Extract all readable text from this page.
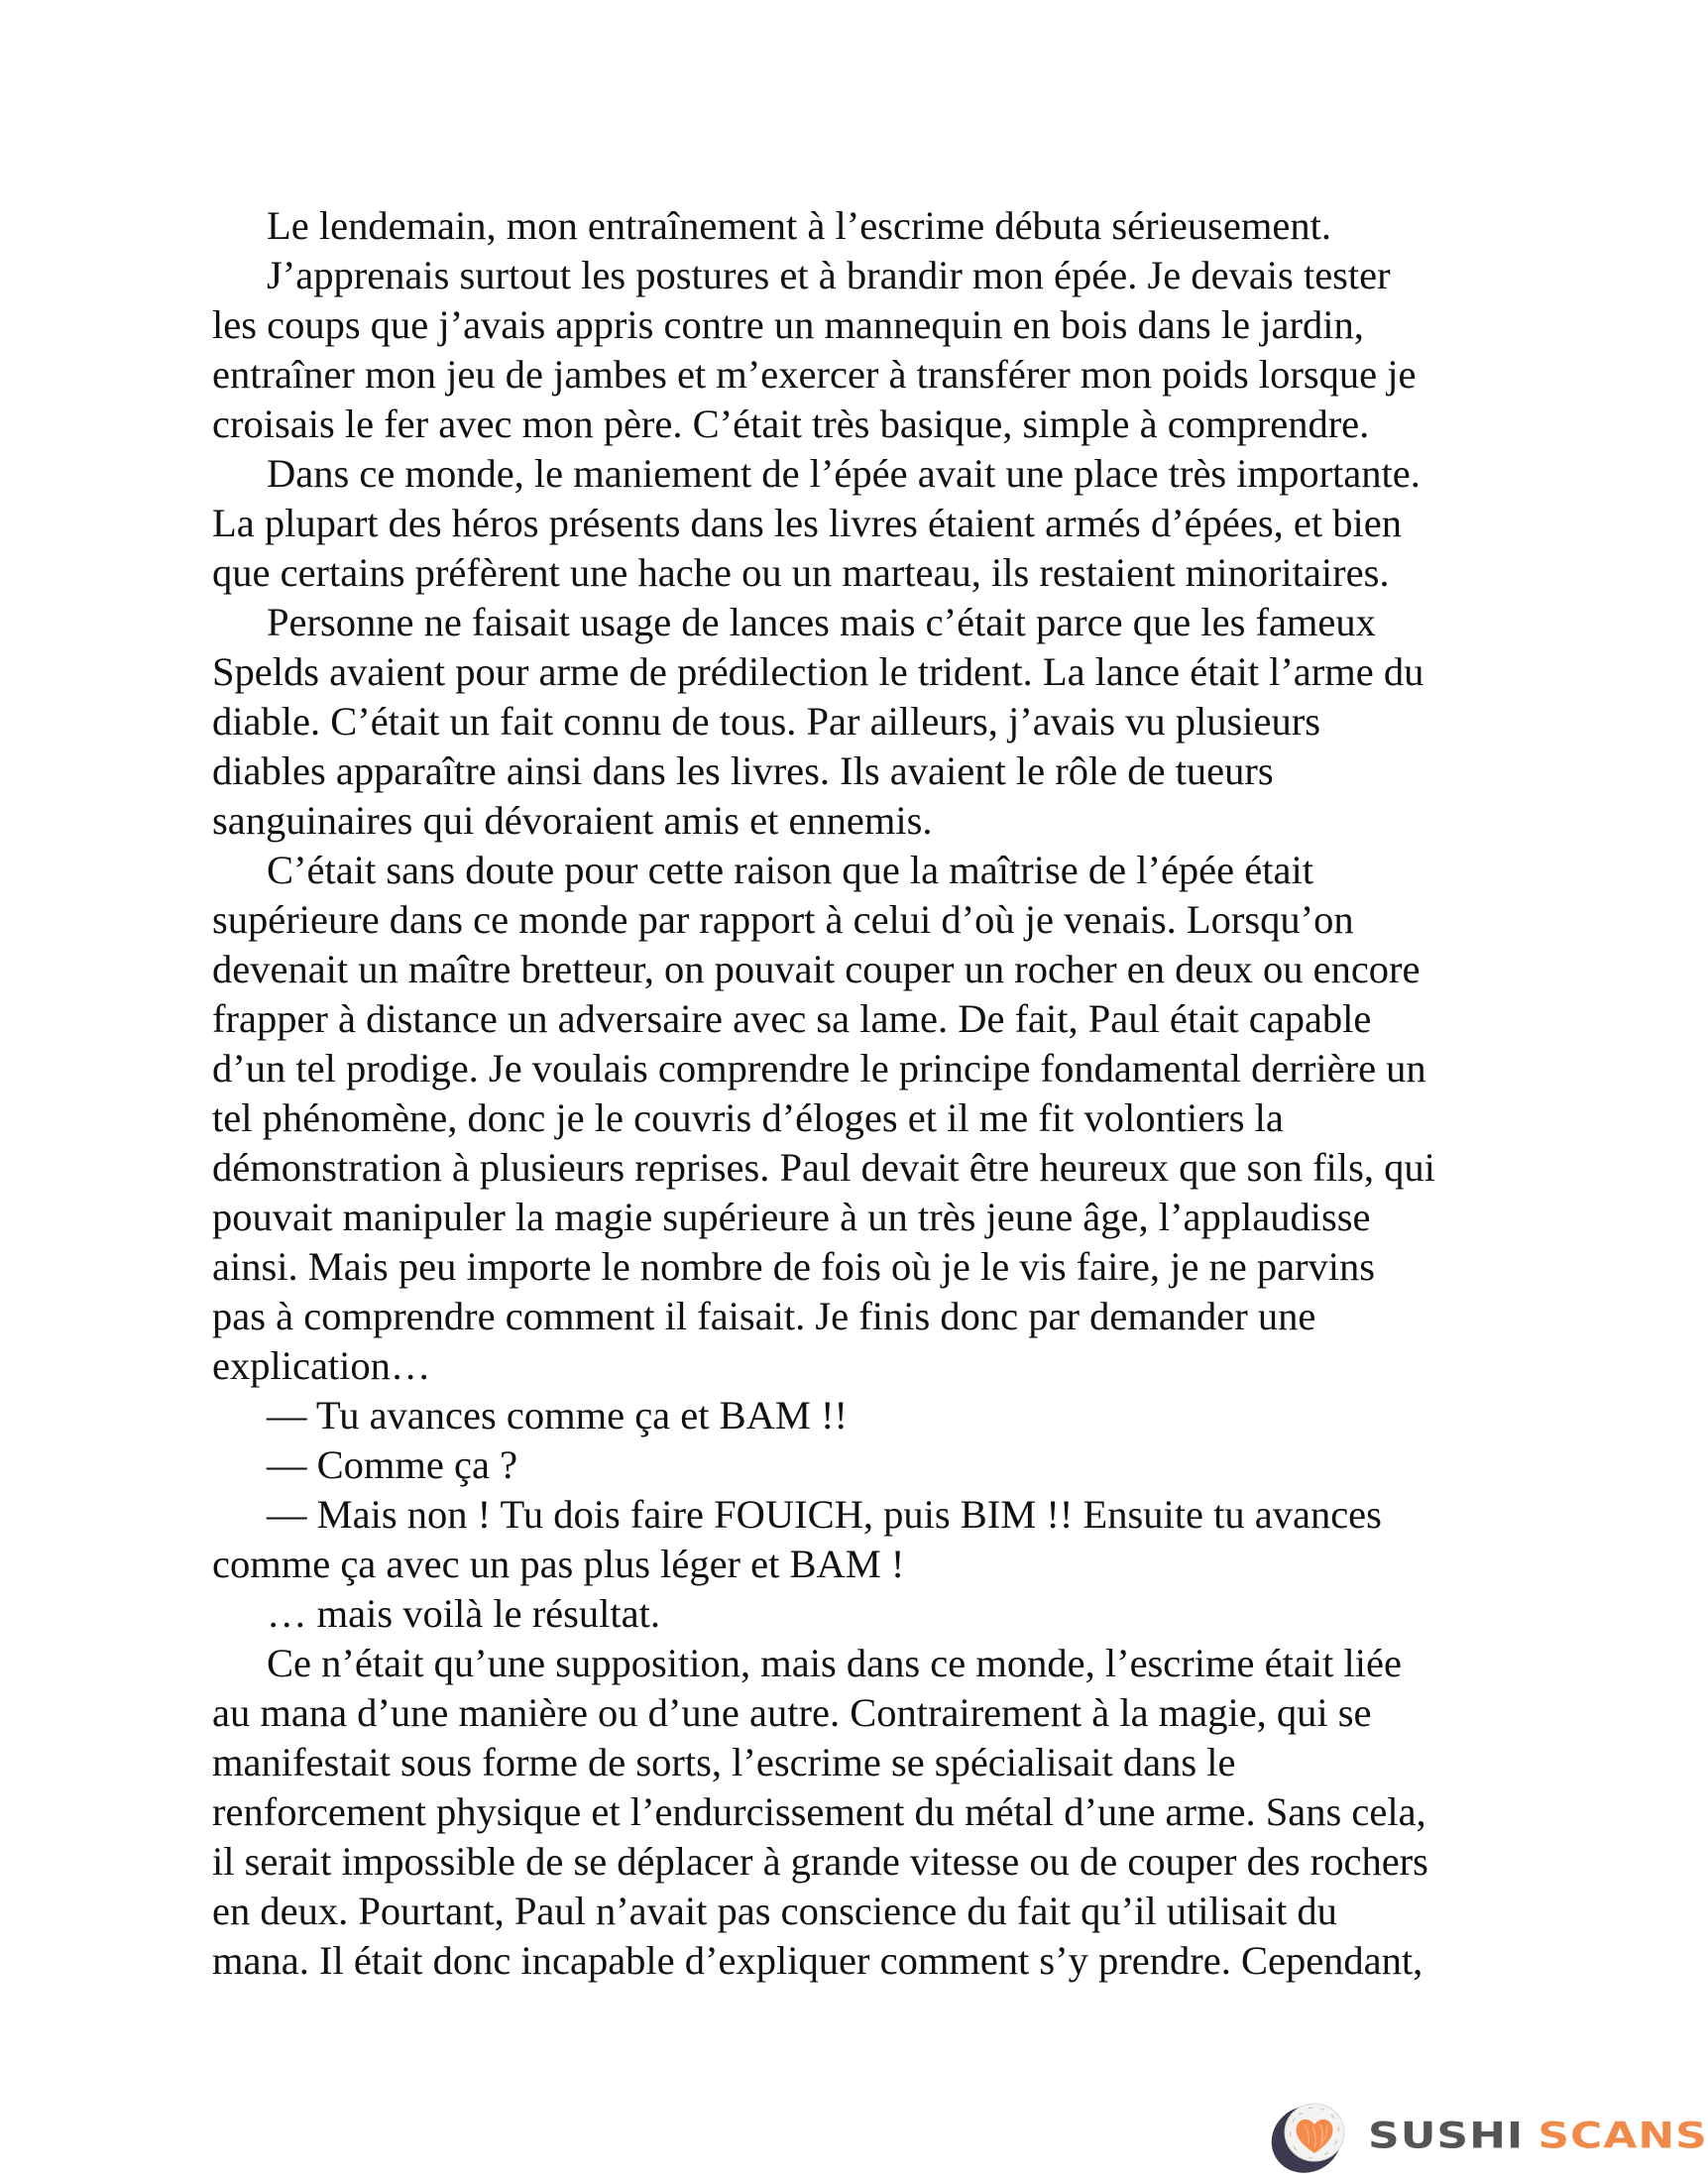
Le lendemain, mon entraînement à l’escrime débuta sérieusement.
J’apprenais surtout les postures et à brandir mon épée. Je devais tester
les coups que j’avais appris contre un mannequin en bois dans le jardin,
entraîner mon jeu de jambes et m’exercer à transférer mon poids lorsque je
croisais le fer avec mon père. C’était très basique, simple à comprendre.
Dans ce monde, le maniement de l’épée avait une place très importante.
La plupart des héros présents dans les livres étaient armés d’épées, et bien
que certains préfèrent une hache ou un marteau, ils restaient minoritaires.
Personne ne faisait usage de lances mais c’était parce que les fameux
Spelds avaient pour arme de prédilection le trident. La lance était l’arme du
diable. C’était un fait connu de tous. Par ailleurs, j’avais vu plusieurs
diables apparaître ainsi dans les livres. Ils avaient le rôle de tueurs
sanguinaires qui dévoraient amis et ennemis.
C’était sans doute pour cette raison que la maîtrise de l’épée était
supérieure dans ce monde par rapport à celui d’où je venais. Lorsqu’on
devenait un maître bretteur, on pouvait couper un rocher en deux ou encore
frapper à distance un adversaire avec sa lame. De fait, Paul était capable
d’un tel prodige. Je voulais comprendre le principe fondamental derrière un
tel phénomène, donc je le couvris d’éloges et il me fit volontiers la
démonstration à plusieurs reprises. Paul devait être heureux que son fils, qui
pouvait manipuler la magie supérieure à un très jeune âge, l’applaudisse
ainsi. Mais peu importe le nombre de fois où je le vis faire, je ne parvins
pas à comprendre comment il faisait. Je finis donc par demander une
explication…
— Tu avances comme ça et BAM !!
— Comme ça ?
— Mais non ! Tu dois faire FOUICH, puis BIM !! Ensuite tu avances
comme ça avec un pas plus léger et BAM !
… mais voilà le résultat.
Ce n’était qu’une supposition, mais dans ce monde, l’escrime était liée
au mana d’une manière ou d’une autre. Contrairement à la magie, qui se
manifestait sous forme de sorts, l’escrime se spécialisait dans le
renforcement physique et l’endurcissement du métal d’une arme. Sans cela,
il serait impossible de se déplacer à grande vitesse ou de couper des rochers
en deux. Pourtant, Paul n’avait pas conscience du fait qu’il utilisait du
mana. Il était donc incapable d’expliquer comment s’y prendre. Cependant,
SUSHI SCANS
